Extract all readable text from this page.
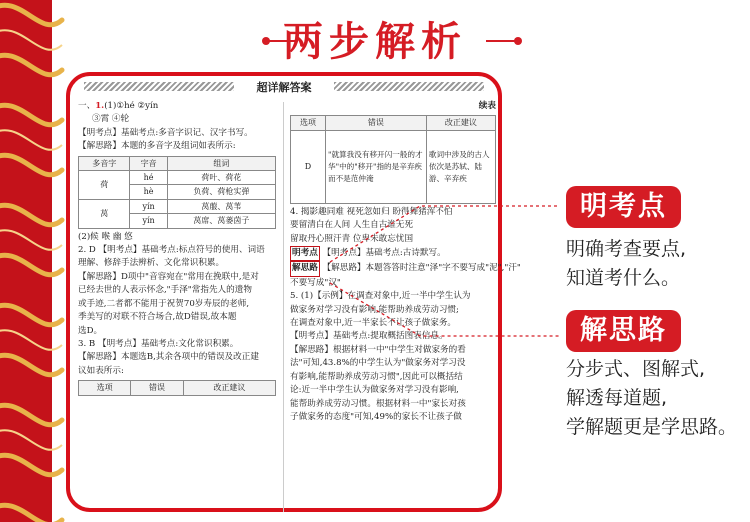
两步解析
超详解答案
一、1.(1)①hé ②yín
③霄 ④轮
【明考点】基础考点:多音字识记、汉字书写。
【解思路】本题的多音字及组词如表所示:
多音字	字音	组词
荷	hé	荷叶、荷花
	hè	负荷、荷枪实弹
莴	yín	莴菔、莴苇
	yín	莴席、莴蒌茵子
(2)候 喉 幽 悠
2. D 【明考点】基础考点:标点符号的使用、词语
理解、修辞手法辨析、文化常识积累。
【解思路】D项中"音容宛在"常用在挽联中,是对
已经去世的人表示怀念,"手泽"常指先人的遗物
或手迹,二者都不能用于祝贺70岁寿辰的老师,
季美写的对联不符合场合,故D错误,故本题
选D。
3. B 【明考点】基础考点:文化常识积累。
【解思路】本题选B,其余各项中的错误及改正建
议如表所示:
选项	错误	改正建议
续表
选项	错误	改正建议
D	"就算我没有移开闪一般的才华"中的"移开"指的是辛弃疾而不是范仲淹	歌词中涉及的古人依次是苏轼、陆游、辛弃疾
4. 揭影趣同难 视死忽如归 盼得舞猪浑不怕
要留清白在人间 人生自古谁无死
留取丹心照汗青 位卑未敢忘忧国
明考点 【明考点】基础考点:古诗默写。
解思路 【解思路】本题答答时注意"泽"字不要写成"泥","汗"
不要写成"汉"
5. (1)【示例】在调查对象中,近一半中学生认为
做家务对学习没有影响,能帮助养成劳动习惯;
在调查对象中,近一半家长不让孩子做家务。
【明考点】基础考点:提取概括图表信息。
【解思路】根据材料一中"中学生对做家务的看
法"可知,43.8%的中学生认为"做家务对学习没
有影响,能帮助养成劳动习惯",因此可以概括结
论:近一半中学生认为做家务对学习没有影响,
能帮助养成劳动习惯。根据材料一中"家长对孩
子做家务的态度"可知,49%的家长不让孩子做
明考点
明确考查要点,
知道考什么。
解思路
分步式、图解式,
解透每道题,
学解题更是学思路。
